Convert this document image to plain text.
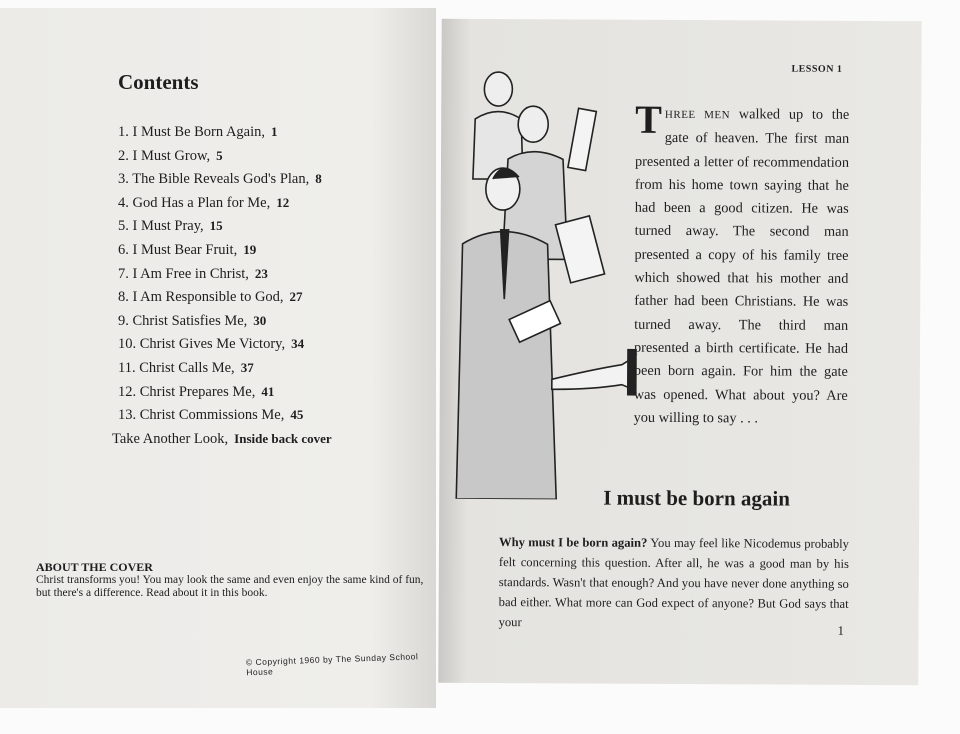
Contents
1. I Must Be Born Again, 1
2. I Must Grow, 5
3. The Bible Reveals God's Plan, 8
4. God Has a Plan for Me, 12
5. I Must Pray, 15
6. I Must Bear Fruit, 19
7. I Am Free in Christ, 23
8. I Am Responsible to God, 27
9. Christ Satisfies Me, 30
10. Christ Gives Me Victory, 34
11. Christ Calls Me, 37
12. Christ Prepares Me, 41
13. Christ Commissions Me, 45
Take Another Look, Inside back cover
ABOUT THE COVER
Christ transforms you! You may look the same and even enjoy the same kind of fun, but there's a difference. Read about it in this book.
© Copyright 1960 by The Sunday School House
LESSON 1
THREE MEN walked up to the gate of heaven. The first man presented a letter of recommendation from his home town saying that he had been a good citizen. He was turned away. The second man presented a copy of his family tree which showed that his mother and father had been Christians. He was turned away. The third man presented a birth certificate. He had been born again. For him the gate was opened. What about you? Are you willing to say . . .
I must be born again
Why must I be born again? You may feel like Nicodemus probably felt concerning this question. After all, he was a good man by his standards. Wasn't that enough? And you have never done anything so bad either. What more can God expect of anyone? But God says that your
1
